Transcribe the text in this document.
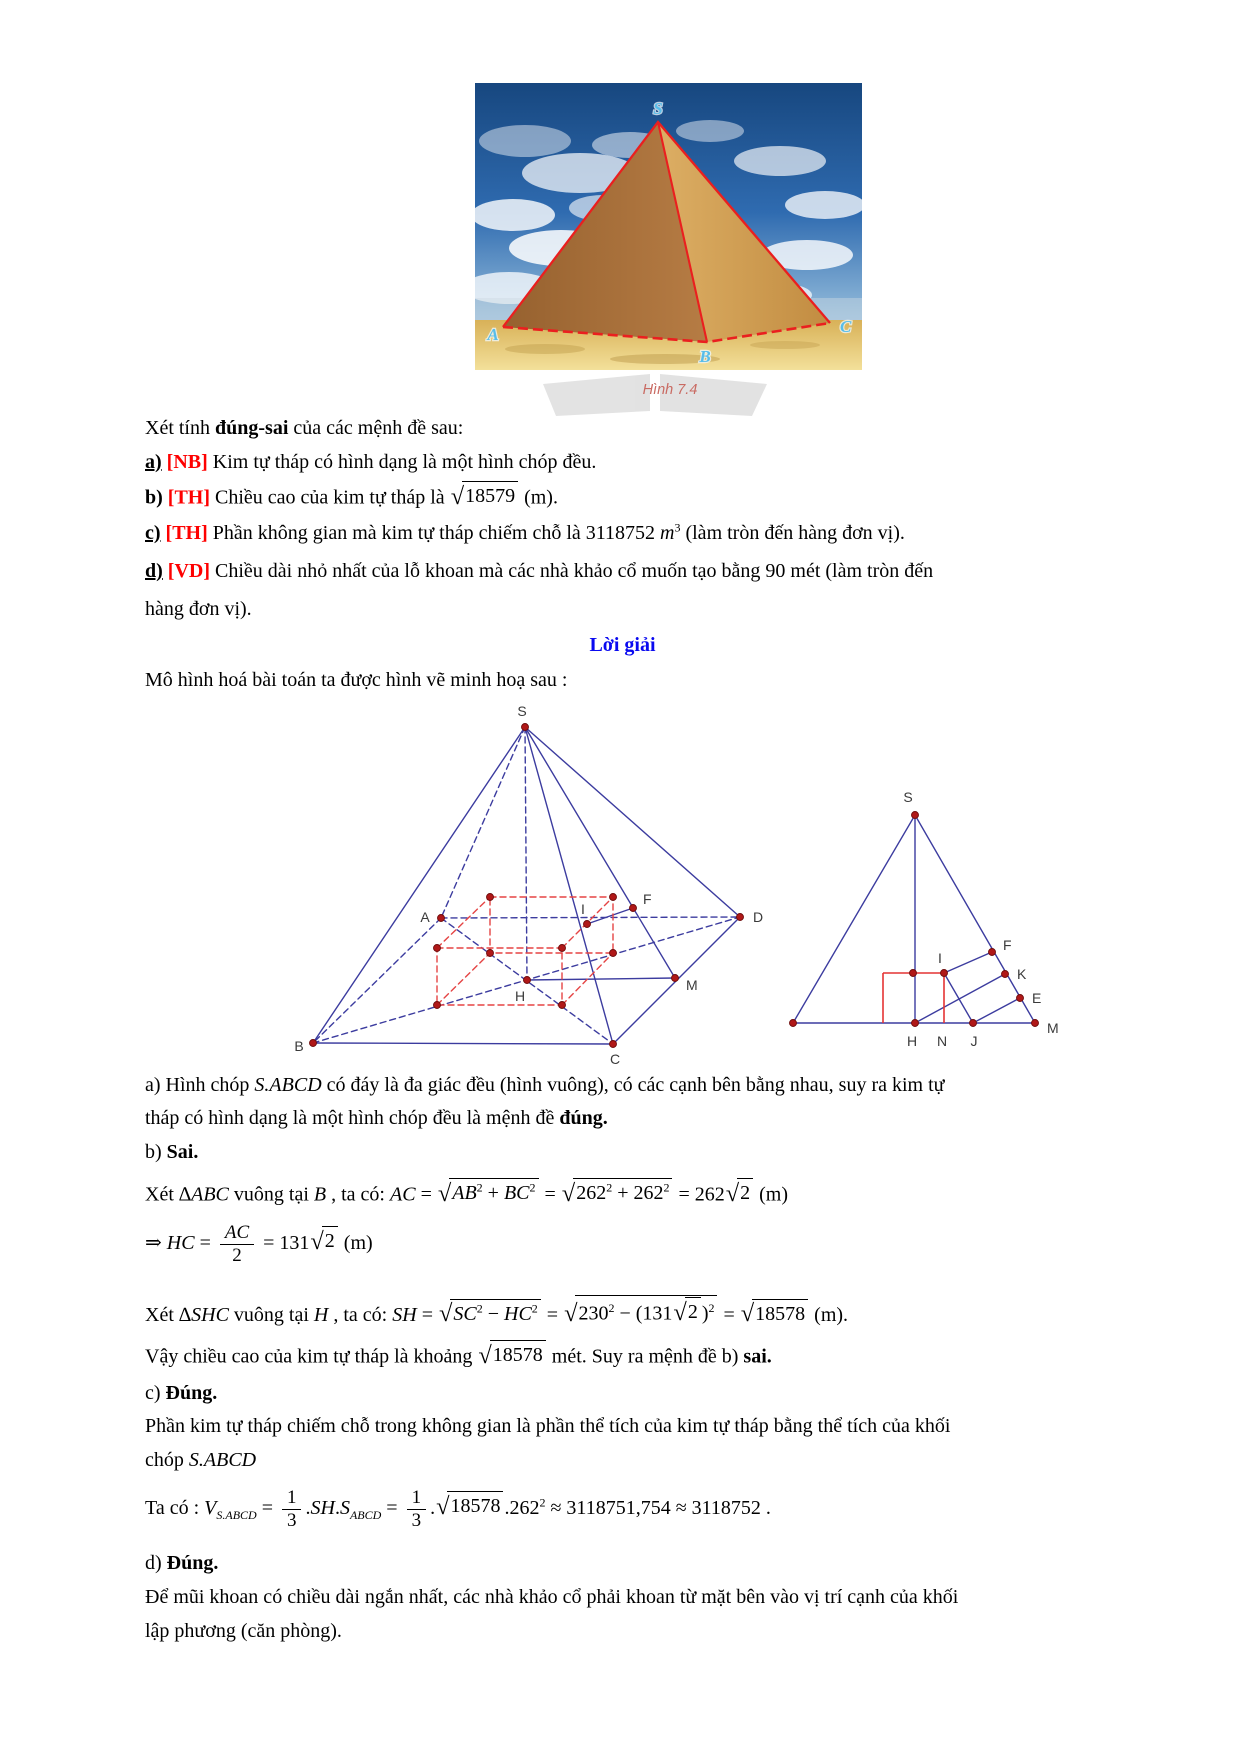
S
A
B
C
Hình 7.4
Xét tính đúng-sai của các mệnh đề sau:
a) [NB] Kim tự tháp có hình dạng là một hình chóp đều.
b) [TH] Chiều cao của kim tự tháp là √ 18579 (m).
c) [TH] Phần không gian mà kim tự tháp chiếm chỗ là 3118752 $m^3$ (làm tròn đến hàng đơn vị).
d) [VD] Chiều dài nhỏ nhất của lỗ khoan mà các nhà khảo cổ muốn tạo bằng 90 mét (làm tròn đến
hàng đơn vị).
Lời giải
Mô hình hoá bài toán ta được hình vẽ minh hoạ sau :
S
A
B
C
D
F
I
H
M
S
M
H N J
I
F
K
E
a) Hình chóp S.ABCD có đáy là đa giác đều (hình vuông), có các cạnh bên bằng nhau, suy ra kim tự
tháp có hình dạng là một hình chóp đều là mệnh đề đúng.
b) Sai.
Xét ∆ABC vuông tại B , ta có: AC = √ $AB^2 + BC^2$ = √ $262^2 + 262^2 = 262$ √ 2 (m)
⇒ HC = $\frac{AC}{2} = 131$ √ 2 (m)
Xét ∆SHC vuông tại H , ta có: SH = √ $SC^2 - HC^2$ = √ $230^2 - (131$ √ 2 )$^2$ = √ 18578 (m).
Vậy chiều cao của kim tự tháp là khoảng √ 18578 mét. Suy ra mệnh đề b) sai.
c) Đúng.
Phần kim tự tháp chiếm chỗ trong không gian là phần thể tích của kim tự tháp bằng thể tích của khối
chóp S.ABCD
Ta có : $V_{S.ABCD} = \frac{1}{3} .SH.S_{ABCD} = \frac{1}{3}$ . √ 18578 $.262^2 \approx 3118751,754 \approx 3118752$ .
d) Đúng.
Để mũi khoan có chiều dài ngắn nhất, các nhà khảo cổ phải khoan từ mặt bên vào vị trí cạnh của khối
lập phương (căn phòng).
